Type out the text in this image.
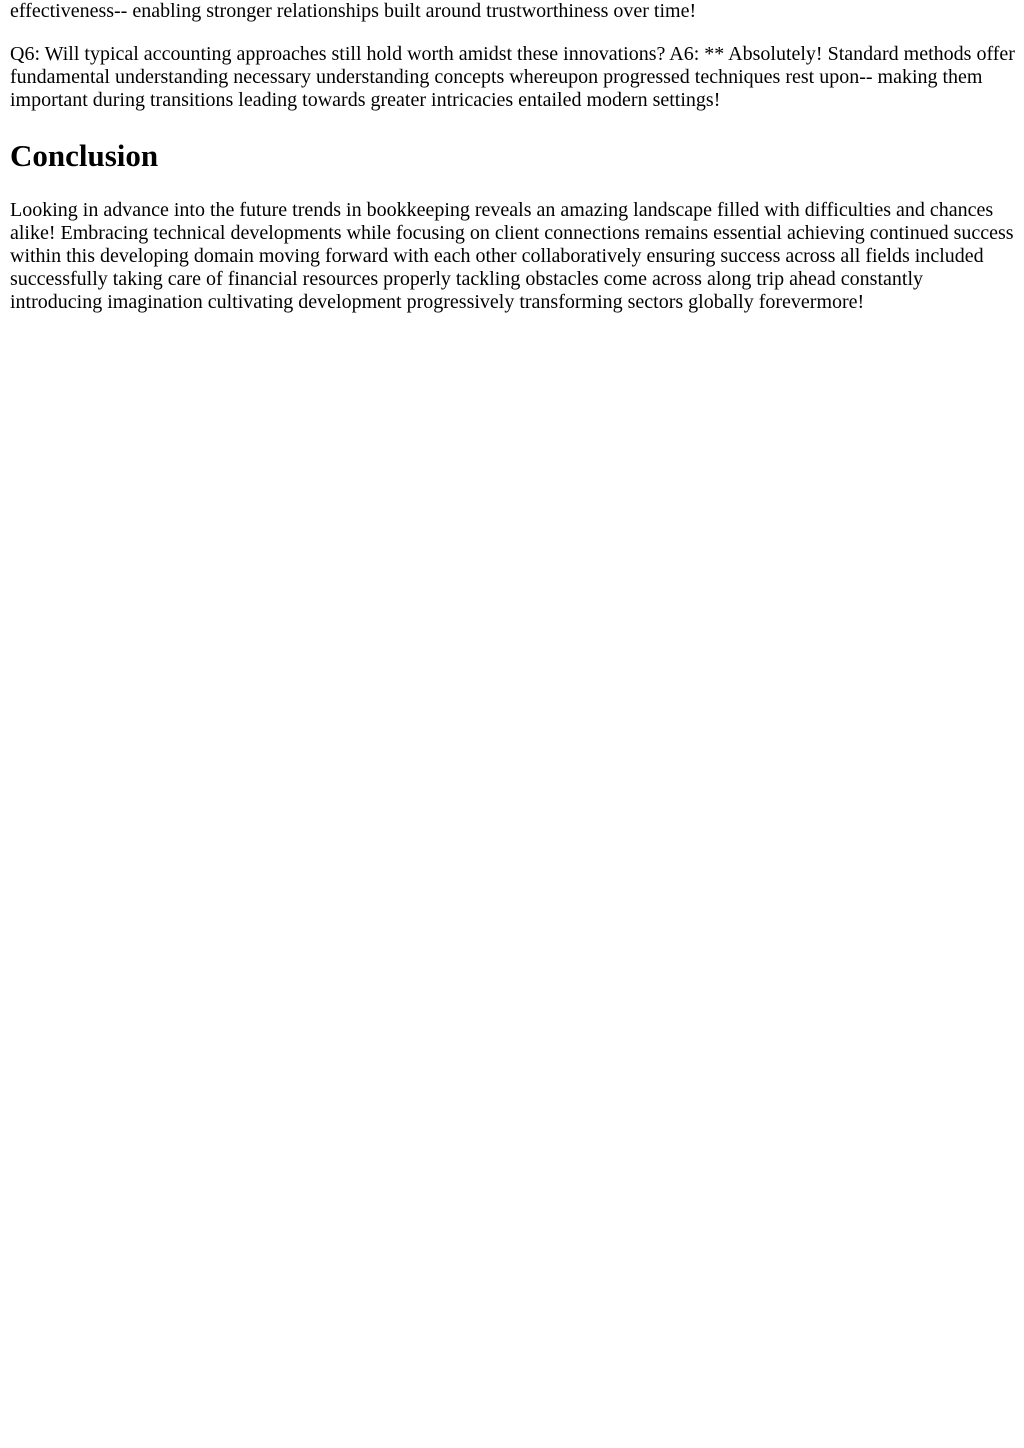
effectiveness-- enabling stronger relationships built around trustworthiness over time!

Q6: Will typical accounting approaches still hold worth amidst these innovations? A6: ** Absolutely! Standard methods offer fundamental understanding necessary understanding concepts whereupon progressed techniques rest upon-- making them important during transitions leading towards greater intricacies entailed modern settings!

Conclusion

Looking in advance into the future trends in bookkeeping reveals an amazing landscape filled with difficulties and chances alike! Embracing technical developments while focusing on client connections remains essential achieving continued success within this developing domain moving forward with each other collaboratively ensuring success across all fields included successfully taking care of financial resources properly tackling obstacles come across along trip ahead constantly introducing imagination cultivating development progressively transforming sectors globally forevermore!
